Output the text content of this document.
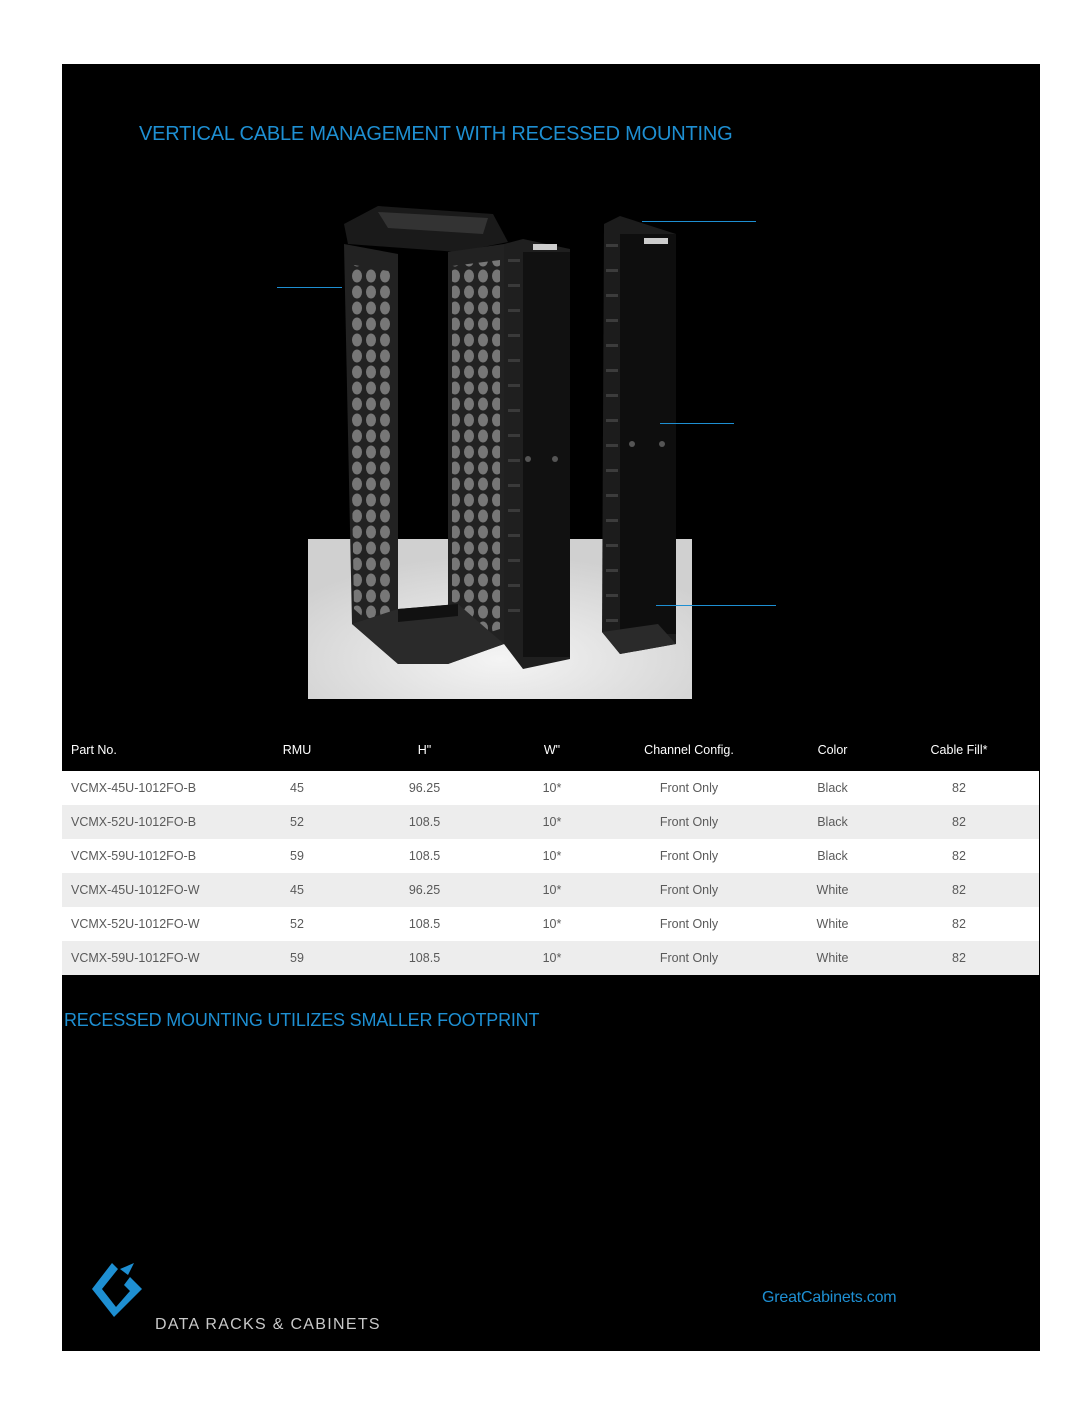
VERTICAL CABLE MANAGEMENT WITH RECESSED MOUNTING
Part No.	RMU	H"	W"	Channel Config.	Color	Cable Fill*
VCMX-45U-1012FO-B	45	96.25	10*	Front Only	Black	82
VCMX-52U-1012FO-B	52	108.5	10*	Front Only	Black	82
VCMX-59U-1012FO-B	59	108.5	10*	Front Only	Black	82
VCMX-45U-1012FO-W	45	96.25	10*	Front Only	White	82
VCMX-52U-1012FO-W	52	108.5	10*	Front Only	White	82
VCMX-59U-1012FO-W	59	108.5	10*	Front Only	White	82
RECESSED MOUNTING UTILIZES SMALLER FOOTPRINT
DATA RACKS & CABINETS
GreatCabinets.com
